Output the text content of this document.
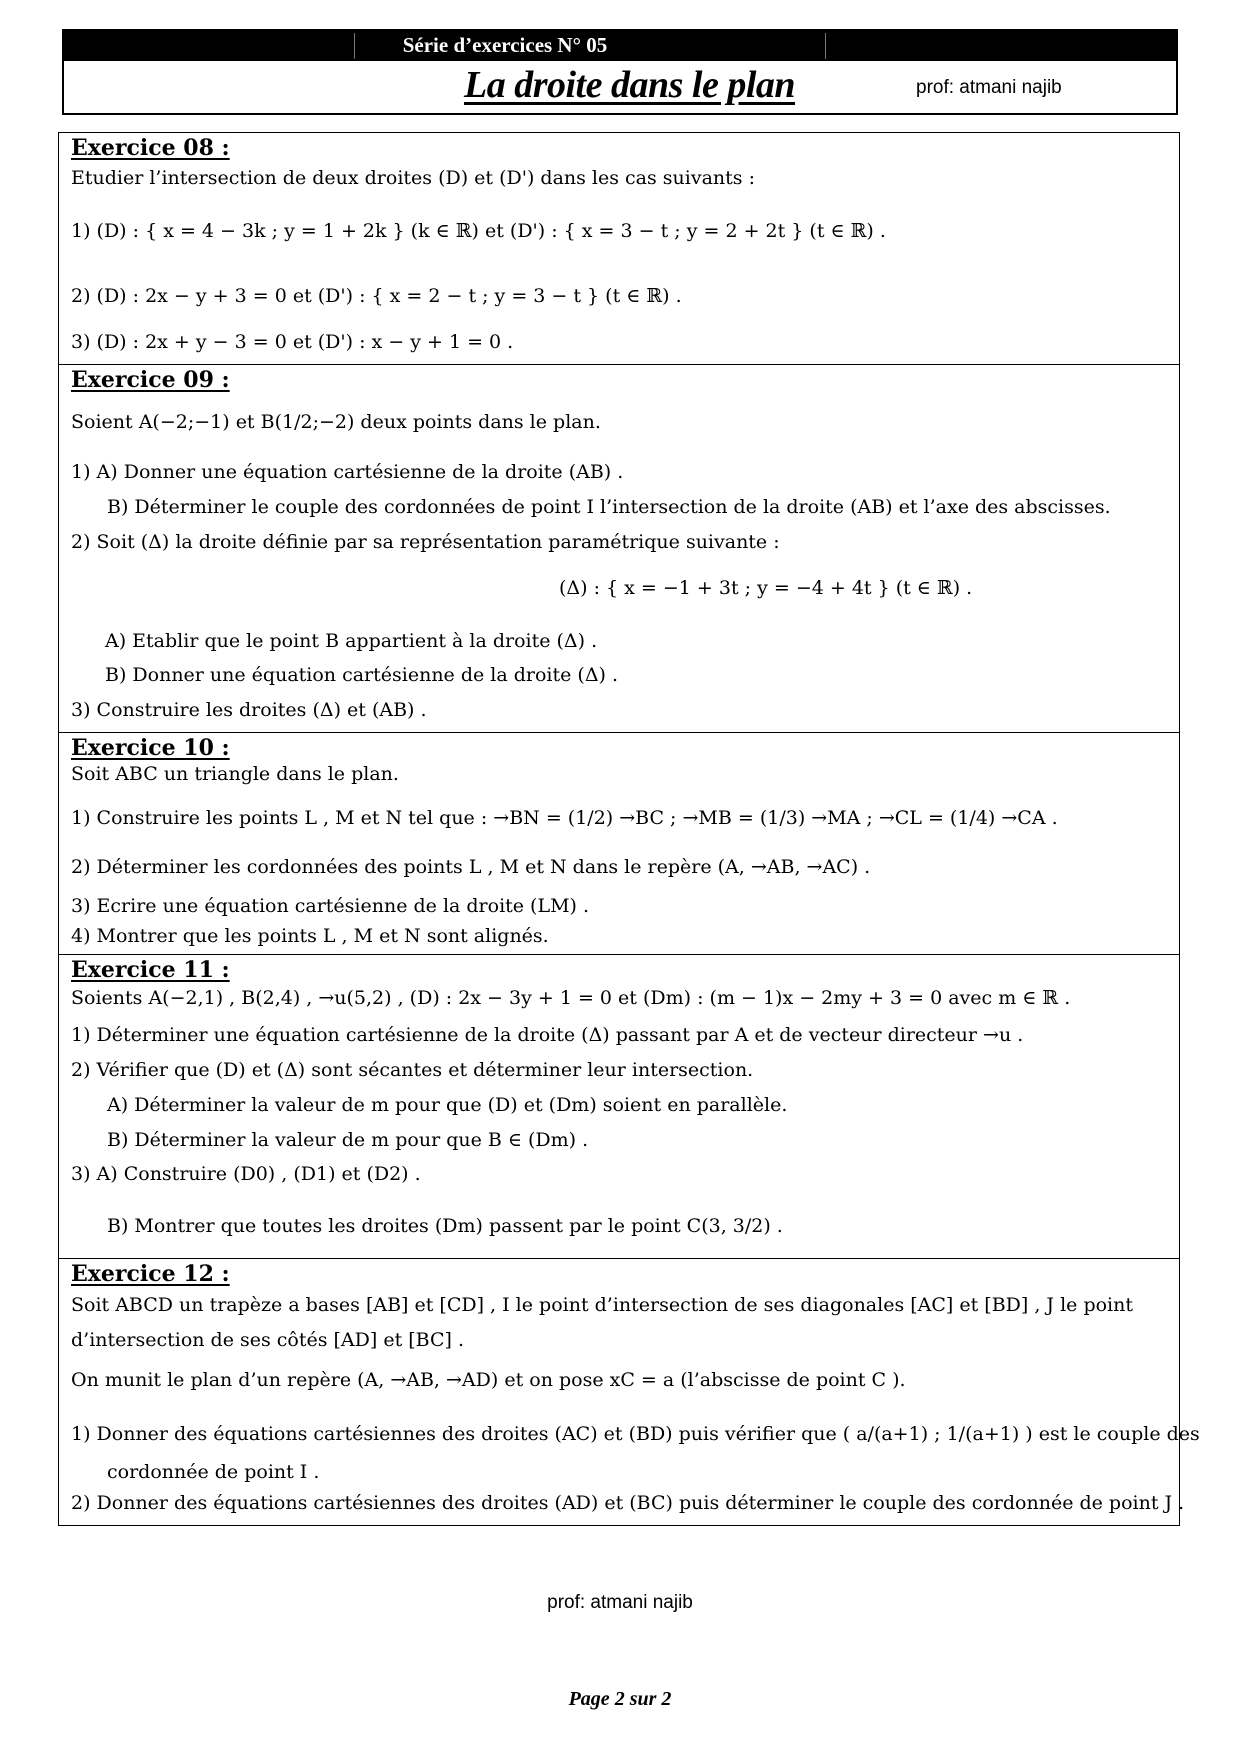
Série d’exercices N° 05
La droite dans le plan	prof: atmani najib
Exercice 08 :
Etudier l’intersection de deux droites (D) et (D') dans les cas suivants :
1) (D) : { x = 4 − 3k ; y = 1 + 2k } (k ∈ ℝ) et (D') : { x = 3 − t ; y = 2 + 2t } (t ∈ ℝ) .
2) (D) : 2x − y + 3 = 0 et (D') : { x = 2 − t ; y = 3 − t } (t ∈ ℝ) .
3) (D) : 2x + y − 3 = 0 et (D') : x − y + 1 = 0 .
Exercice 09 :
Soient A(−2;−1) et B(1/2;−2) deux points dans le plan.
1) A) Donner une équation cartésienne de la droite (AB) .
B) Déterminer le couple des cordonnées de point I l’intersection de la droite (AB) et l’axe des abscisses.
2) Soit (Δ) la droite définie par sa représentation paramétrique suivante :
(Δ) : { x = −1 + 3t ; y = −4 + 4t } (t ∈ ℝ) .
A) Etablir que le point B appartient à la droite (Δ) .
B) Donner une équation cartésienne de la droite (Δ) .
3) Construire les droites (Δ) et (AB) .
Exercice 10 :
Soit ABC un triangle dans le plan.
1) Construire les points L , M et N tel que : →BN = (1/2) →BC ; →MB = (1/3) →MA ; →CL = (1/4) →CA .
2) Déterminer les cordonnées des points L , M et N dans le repère (A, →AB, →AC) .
3) Ecrire une équation cartésienne de la droite (LM) .
4) Montrer que les points L , M et N sont alignés.
Exercice 11 :
Soients A(−2,1) , B(2,4) , →u(5,2) , (D) : 2x − 3y + 1 = 0 et (Dm) : (m − 1)x − 2my + 3 = 0 avec m ∈ ℝ .
1) Déterminer une équation cartésienne de la droite (Δ) passant par A et de vecteur directeur →u .
2) Vérifier que (D) et (Δ) sont sécantes et déterminer leur intersection.
A) Déterminer la valeur de m pour que (D) et (Dm) soient en parallèle.
B) Déterminer la valeur de m pour que B ∈ (Dm) .
3) A) Construire (D0) , (D1) et (D2) .
B) Montrer que toutes les droites (Dm) passent par le point C(3, 3/2) .
Exercice 12 :
Soit ABCD un trapèze a bases [AB] et [CD] , I le point d’intersection de ses diagonales [AC] et [BD] , J le point
d’intersection de ses côtés [AD] et [BC] .
On munit le plan d’un repère (A, →AB, →AD) et on pose xC = a (l’abscisse de point C ).
1) Donner des équations cartésiennes des droites (AC) et (BD) puis vérifier que ( a/(a+1) ; 1/(a+1) ) est le couple des
cordonnée de point I .
2) Donner des équations cartésiennes des droites (AD) et (BC) puis déterminer le couple des cordonnée de point J .
prof: atmani najib
Page 2 sur 2
